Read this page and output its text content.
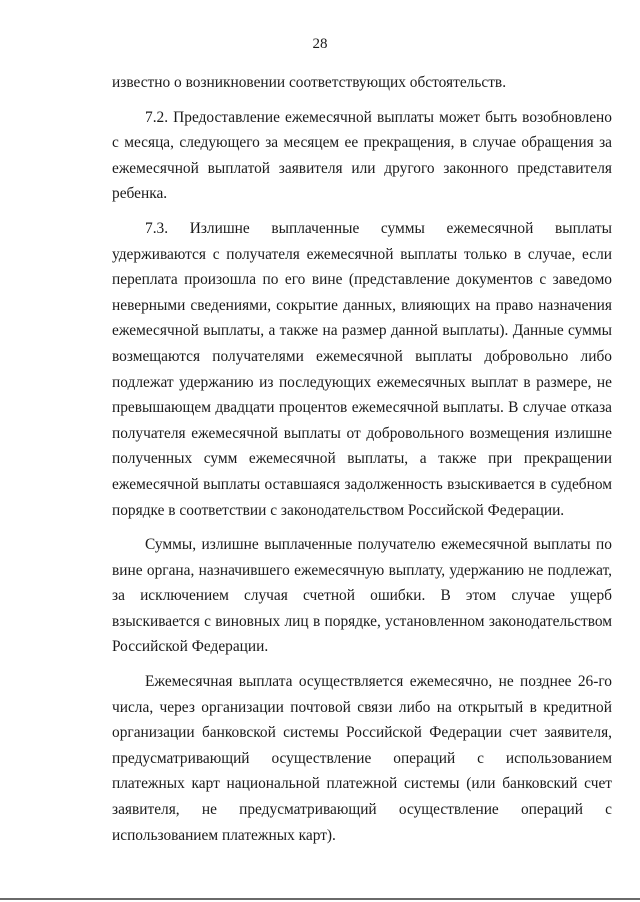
28

известно о возникновении соответствующих обстоятельств.

7.2. Предоставление ежемесячной выплаты может быть возобновлено с месяца, следующего за месяцем ее прекращения, в случае обращения за ежемесячной выплатой заявителя или другого законного представителя ребенка.

7.3. Излишне выплаченные суммы ежемесячной выплаты удерживаются с получателя ежемесячной выплаты только в случае, если переплата произошла по его вине (представление документов с заведомо неверными сведениями, сокрытие данных, влияющих на право назначения ежемесячной выплаты, а также на размер данной выплаты). Данные суммы возмещаются получателями ежемесячной выплаты добровольно либо подлежат удержанию из последующих ежемесячных выплат в размере, не превышающем двадцати процентов ежемесячной выплаты. В случае отказа получателя ежемесячной выплаты от добровольного возмещения излишне полученных сумм ежемесячной выплаты, а также при прекращении ежемесячной выплаты оставшаяся задолженность взыскивается в судебном порядке в соответствии с законодательством Российской Федерации.

Суммы, излишне выплаченные получателю ежемесячной выплаты по вине органа, назначившего ежемесячную выплату, удержанию не подлежат, за исключением случая счетной ошибки. В этом случае ущерб взыскивается с виновных лиц в порядке, установленном законодательством Российской Федерации.

Ежемесячная выплата осуществляется ежемесячно, не позднее 26-го числа, через организации почтовой связи либо на открытый в кредитной организации банковской системы Российской Федерации счет заявителя, предусматривающий осуществление операций с использованием платежных карт национальной платежной системы (или банковский счет заявителя, не предусматривающий осуществление операций с использованием платежных карт).
